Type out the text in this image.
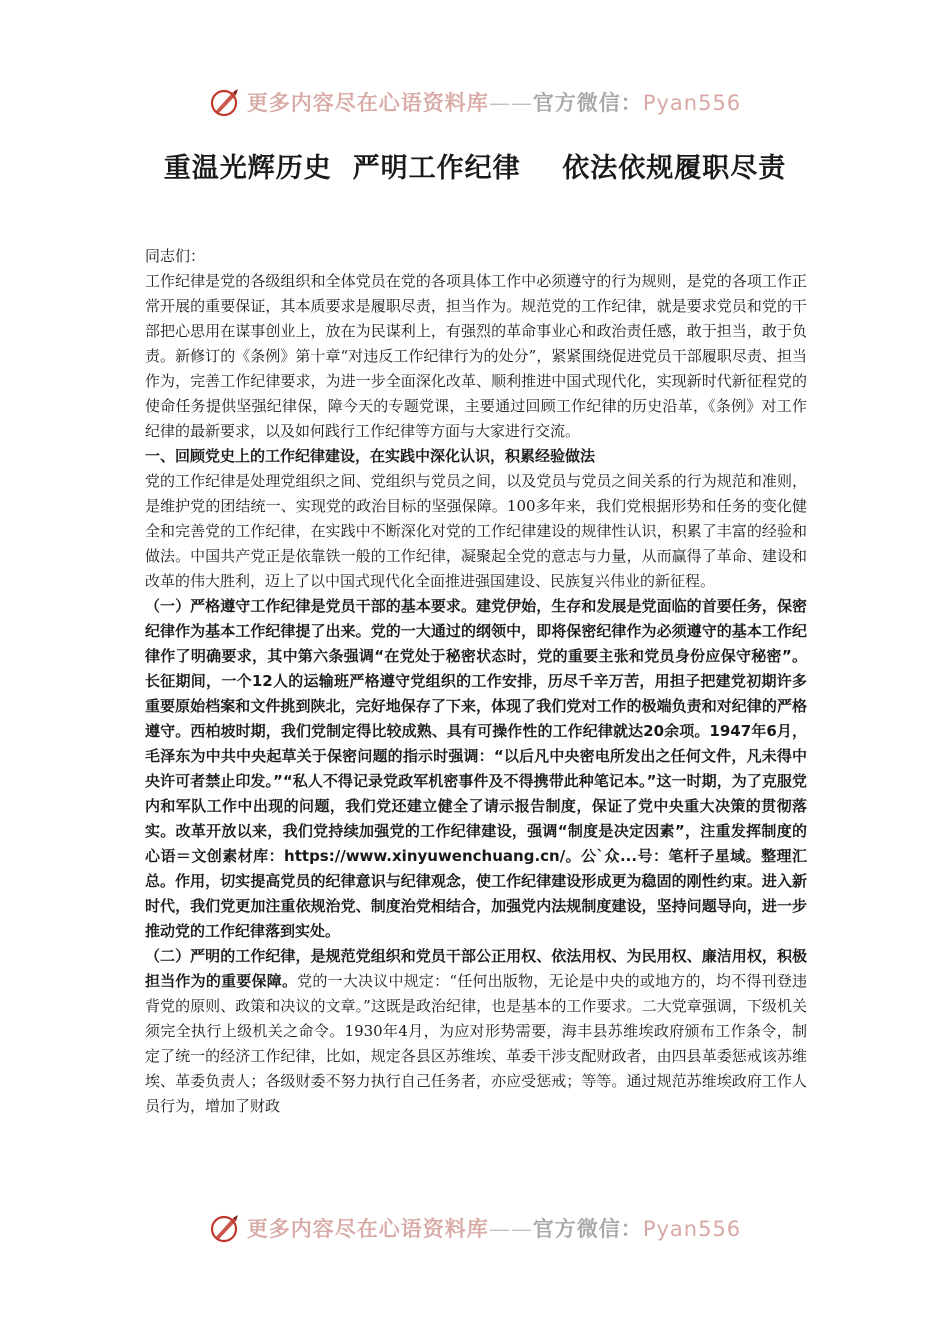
更多内容尽在心语资料库——官方微信：Pyan556
重温光辉历史  严明工作纪律    依法依规履职尽责

同志们：

工作纪律是党的各级组织和全体党员在党的各项具体工作中必须遵守的行为规则，是党的各项工作正常开展的重要保证，其本质要求是履职尽责，担当作为。规范党的工作纪律，就是要求党员和党的干部把心思用在谋事创业上，放在为民谋利上，有强烈的革命事业心和政治责任感，敢于担当，敢于负责。新修订的《条例》第十章“对违反工作纪律行为的处分”，紧紧围绕促进党员干部履职尽责、担当作为，完善工作纪律要求，为进一步全面深化改革、顺利推进中国式现代化，实现新时代新征程党的使命任务提供坚强纪律保，障今天的专题党课，主要通过回顾工作纪律的历史沿革，《条例》对工作纪律的最新要求，以及如何践行工作纪律等方面与大家进行交流。

一、回顾党史上的工作纪律建设，在实践中深化认识，积累经验做法

党的工作纪律是处理党组织之间、党组织与党员之间，以及党员与党员之间关系的行为规范和准则，是维护党的团结统一、实现党的政治目标的坚强保障。100多年来，我们党根据形势和任务的变化健全和完善党的工作纪律，在实践中不断深化对党的工作纪律建设的规律性认识，积累了丰富的经验和做法。中国共产党正是依靠铁一般的工作纪律，凝聚起全党的意志与力量，从而赢得了革命、建设和改革的伟大胜利，迈上了以中国式现代化全面推进强国建设、民族复兴伟业的新征程。

（一）严格遵守工作纪律是党员干部的基本要求。建党伊始，生存和发展是党面临的首要任务，保密纪律作为基本工作纪律提了出来。党的一大通过的纲领中，即将保密纪律作为必须遵守的基本工作纪律作了明确要求，其中第六条强调“在党处于秘密状态时，党的重要主张和党员身份应保守秘密”。长征期间，一个12人的运输班严格遵守党组织的工作安排，历尽千辛万苦，用担子把建党初期许多重要原始档案和文件挑到陕北，完好地保存了下来，体现了我们党对工作的极端负责和对纪律的严格遵守。西柏坡时期，我们党制定得比较成熟、具有可操作性的工作纪律就达20余项。1947年6月，毛泽东为中共中央起草关于保密问题的指示时强调：“以后凡中央密电所发出之任何文件，凡未得中央许可者禁止印发。”“私人不得记录党政军机密事件及不得携带此种笔记本。”这一时期，为了克服党内和军队工作中出现的问题，我们党还建立健全了请示报告制度，保证了党中央重大决策的贯彻落实。改革开放以来，我们党持续加强党的工作纪律建设，强调“制度是决定因素”，注重发挥制度的心语＝文创素材库：https://www.xinyuwenchuang.cn/。公`众...号：笔杆子星域。整理汇总。作用，切实提高党员的纪律意识与纪律观念，使工作纪律建设形成更为稳固的刚性约束。进入新时代，我们党更加注重依规治党、制度治党相结合，加强党内法规制度建设，坚持问题导向，进一步推动党的工作纪律落到实处。

（二）严明的工作纪律，是规范党组织和党员干部公正用权、依法用权、为民用权、廉洁用权，积极担当作为的重要保障。党的一大决议中规定：“任何出版物，无论是中央的或地方的，均不得刊登违背党的原则、政策和决议的文章。”这既是政治纪律，也是基本的工作要求。二大党章强调，下级机关须完全执行上级机关之命令。1930年4月，为应对形势需要，海丰县苏维埃政府颁布工作条令，制定了统一的经济工作纪律，比如，规定各县区苏维埃、革委干涉支配财政者，由四县革委惩戒该苏维埃、革委负责人；各级财委不努力执行自己任务者，亦应受惩戒；等等。通过规范苏维埃政府工作人员行为，增加了财政

更多内容尽在心语资料库——官方微信：Pyan556
